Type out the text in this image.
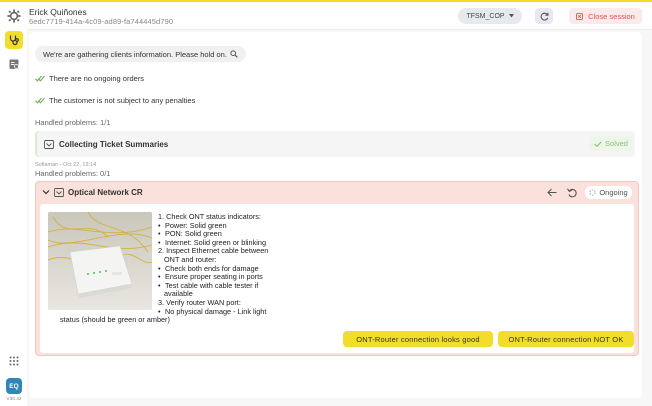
EQ
V30.42
Erick Quiñones
6edc7719-414a-4c09-ad89-fa744445d790
TFSM_COP	Close session
We're are gathering clients information. Please hold on.
There are no ongoing orders
The customer is not subject to any penalties
Handled problems: 1/1
Collecting Ticket Summaries	Solved
Sofiaman - Oct 22, 13:14
Handled problems: 0/1
Optical Network CR	Ongoing
1. Check ONT status indicators:
• Power: Solid green
• PON: Solid green
• Internet: Solid green or blinking
2. Inspect Ethernet cable between
ONT and router:
• Check both ends for damage
• Ensure proper seating in ports
• Test cable with cable tester if
available
3. Verify router WAN port:
• No physical damage - Link light
status (should be green or amber)
ONT-Router connection looks good	ONT-Router connection NOT OK
